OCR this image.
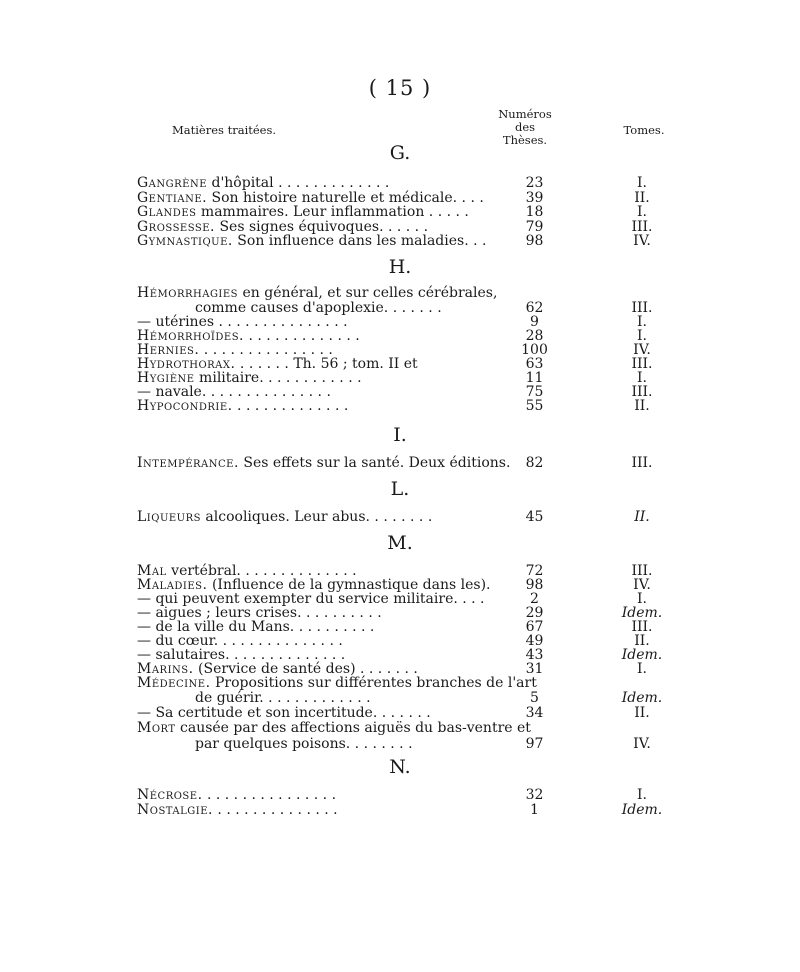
( 15 )
Matières traitées.
Numéros
des Thèses.
Tomes.
G.
Gangrène d'hôpital . . . . . . . . . . . . .	23	I.
Gentiane. Son histoire naturelle et médicale. . . .	39	II.
Glandes mammaires. Leur inflammation . . . . .	18	I.
Grossesse. Ses signes équivoques. . . . . .	79	III.
Gymnastique. Son influence dans les maladies. . .	98	IV.
H.
Hémorrhagies en général, et sur celles cérébrales,
comme causes d'apoplexie. . . . . . .	62	III.
— utérines . . . . . . . . . . . . . . .	9	I.
Hémorrhoïdes. . . . . . . . . . . . . .	28	I.
Hernies. . . . . . . . . . . . . . . .	100	IV.
Hydrothorax. . . . . . . Th. 56 ; tom. II et	63	III.
Hygiène militaire. . . . . . . . . . . .	11	I.
— navale. . . . . . . . . . . . . . .	75	III.
Hypocondrie. . . . . . . . . . . . . .	55	II.
I.
Intempérance. Ses effets sur la santé. Deux éditions.	82	III.
L.
Liqueurs alcooliques. Leur abus. . . . . . . .	45	II.
M.
Mal vertébral. . . . . . . . . . . . . .	72	III.
Maladies. (Influence de la gymnastique dans les).	98	IV.
— qui peuvent exempter du service militaire. . . .	2	I.
— aigues ; leurs crises. . . . . . . . . .	29	Idem.
— de la ville du Mans. . . . . . . . . .	67	III.
— du cœur. . . . . . . . . . . . . . .	49	II.
— salutaires. . . . . . . . . . . . . .	43	Idem.
Marins. (Service de santé des) . . . . . . .	31	I.
Médecine. Propositions sur différentes branches de l'art
de guérir. . . . . . . . . . . . .	5	Idem.
— Sa certitude et son incertitude. . . . . . .	34	II.
Mort causée par des affections aiguës du bas-ventre et
par quelques poisons. . . . . . . .	97	IV.
N.
Nécrose. . . . . . . . . . . . . . . .	32	I.
Nostalgie. . . . . . . . . . . . . . .	1	Idem.
